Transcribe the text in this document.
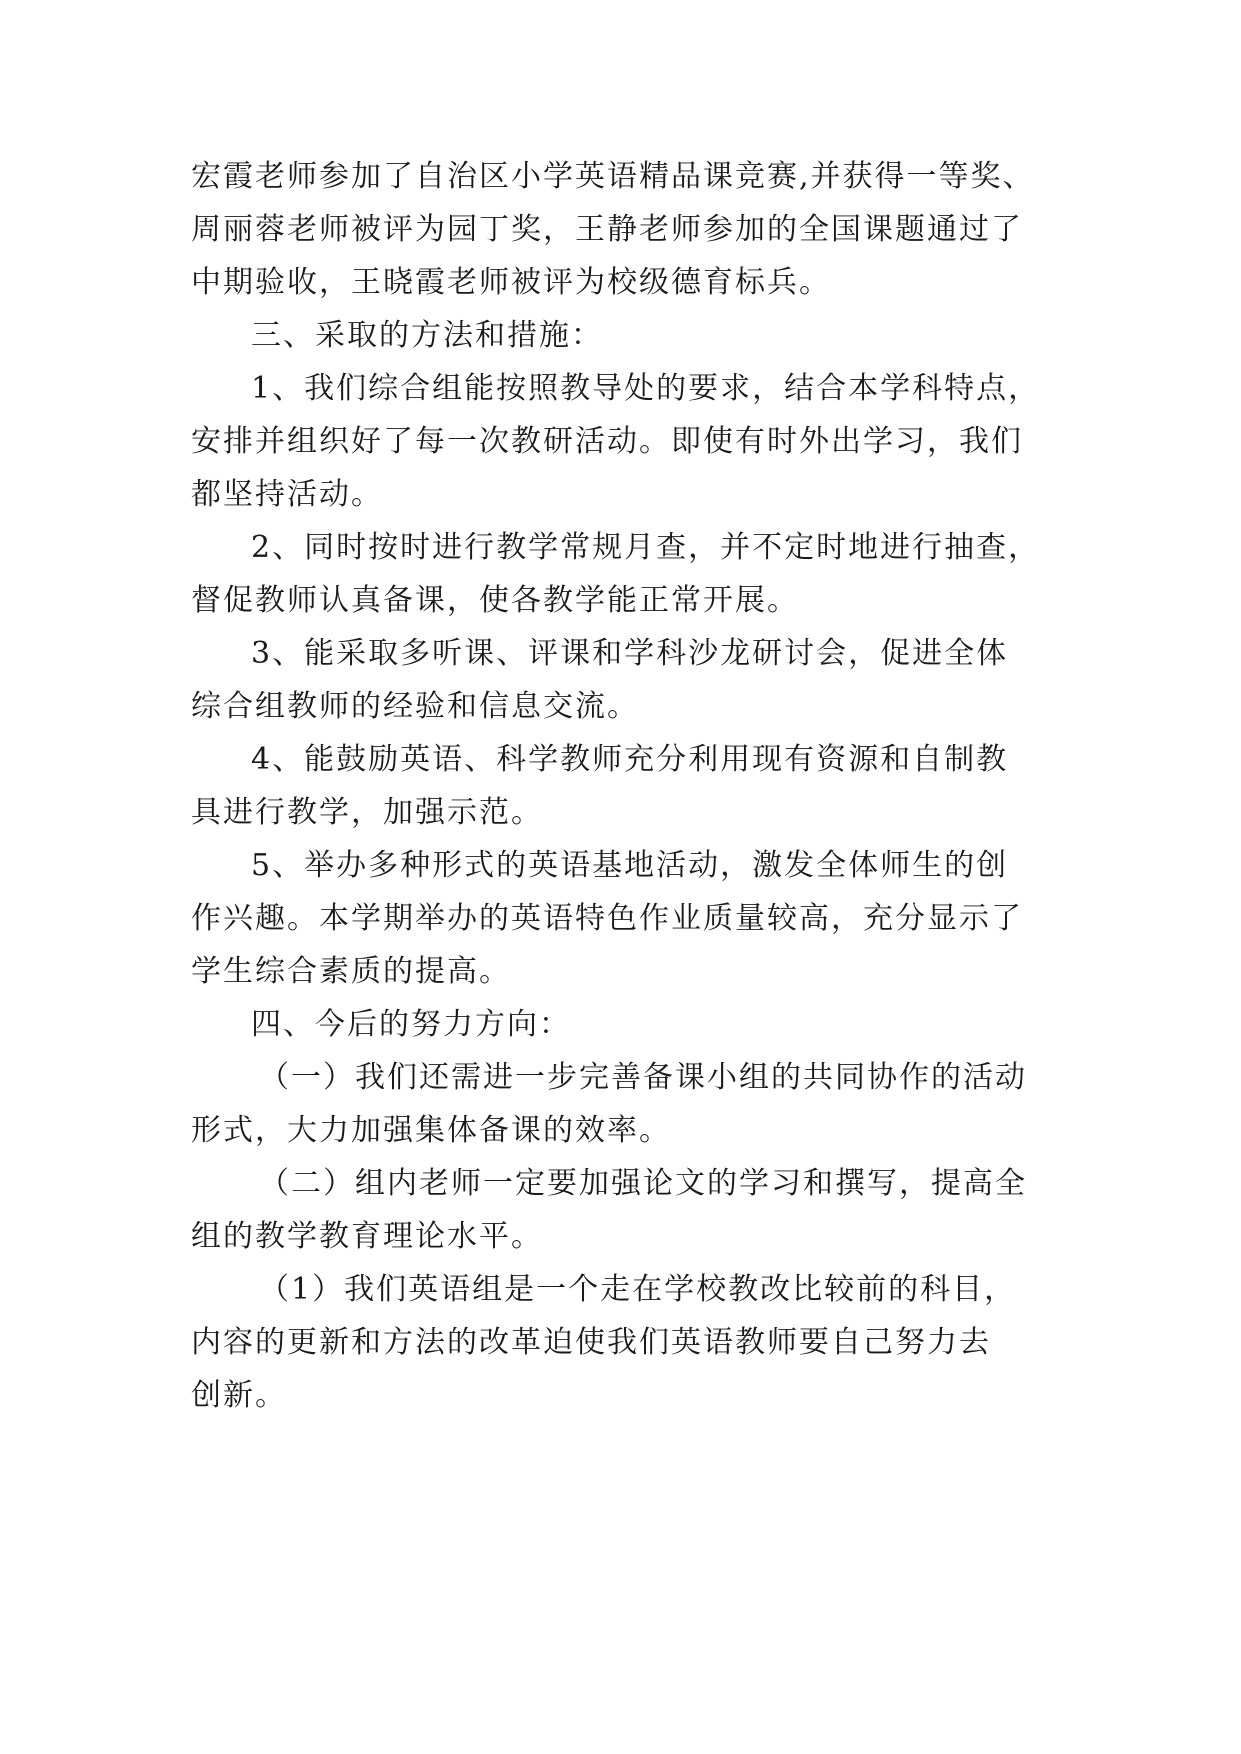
宏霞老师参加了自治区小学英语精品课竞赛,并获得一等奖、
周丽蓉老师被评为园丁奖，王静老师参加的全国课题通过了
中期验收，王晓霞老师被评为校级德育标兵。
三、采取的方法和措施：
1、我们综合组能按照教导处的要求，结合本学科特点，
安排并组织好了每一次教研活动。即使有时外出学习，我们
都坚持活动。
2、同时按时进行教学常规月查，并不定时地进行抽查，
督促教师认真备课，使各教学能正常开展。
3、能采取多听课、评课和学科沙龙研讨会，促进全体
综合组教师的经验和信息交流。
4、能鼓励英语、科学教师充分利用现有资源和自制教
具进行教学，加强示范。
5、举办多种形式的英语基地活动，激发全体师生的创
作兴趣。本学期举办的英语特色作业质量较高，充分显示了
学生综合素质的提高。
四、今后的努力方向：
（一）我们还需进一步完善备课小组的共同协作的活动
形式，大力加强集体备课的效率。
（二）组内老师一定要加强论文的学习和撰写，提高全
组的教学教育理论水平。
（1）我们英语组是一个走在学校教改比较前的科目，
内容的更新和方法的改革迫使我们英语教师要自己努力去
创新。
